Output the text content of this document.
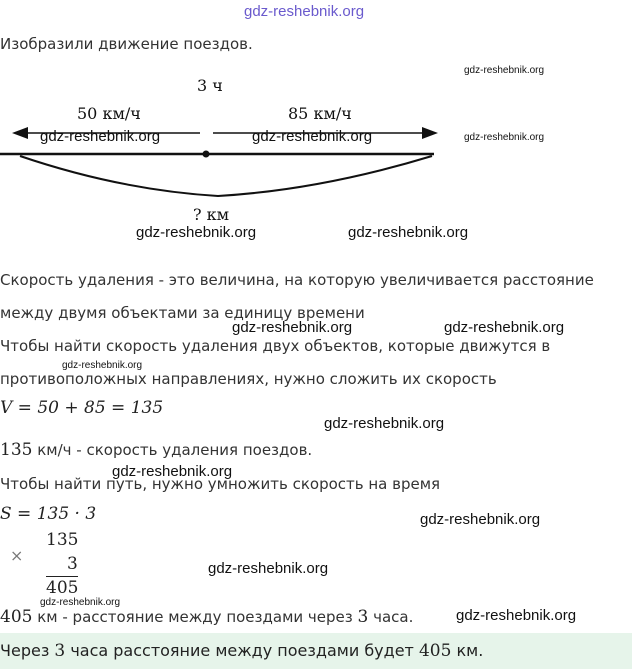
gdz-reshebnik.org
Изобразили движение поездов.
gdz-reshebnik.org
3 ч
50 км/ч	85 км/ч
? км
gdz-reshebnik.org	gdz-reshebnik.org	gdz-reshebnik.org
gdz-reshebnik.org	gdz-reshebnik.org
Скорость удаления - это величина, на которую увеличивается расстояние
между двумя объектами за единицу времени
gdz-reshebnik.org	gdz-reshebnik.org
Чтобы найти скорость удаления двух объектов, которые движутся в
gdz-reshebnik.org
противоположных направлениях, нужно сложить их скорость
V = 50 + 85 = 135
gdz-reshebnik.org
135 км/ч - скорость удаления поездов.
gdz-reshebnik.org
Чтобы найти путь, нужно умножить скорость на время
S = 135 · 3	gdz-reshebnik.org
×
135
3
405
gdz-reshebnik.org
gdz-reshebnik.org
405 км - расстояние между поездами через 3 часа.	gdz-reshebnik.org
Через 3 часа расстояние между поездами будет 405 км.
